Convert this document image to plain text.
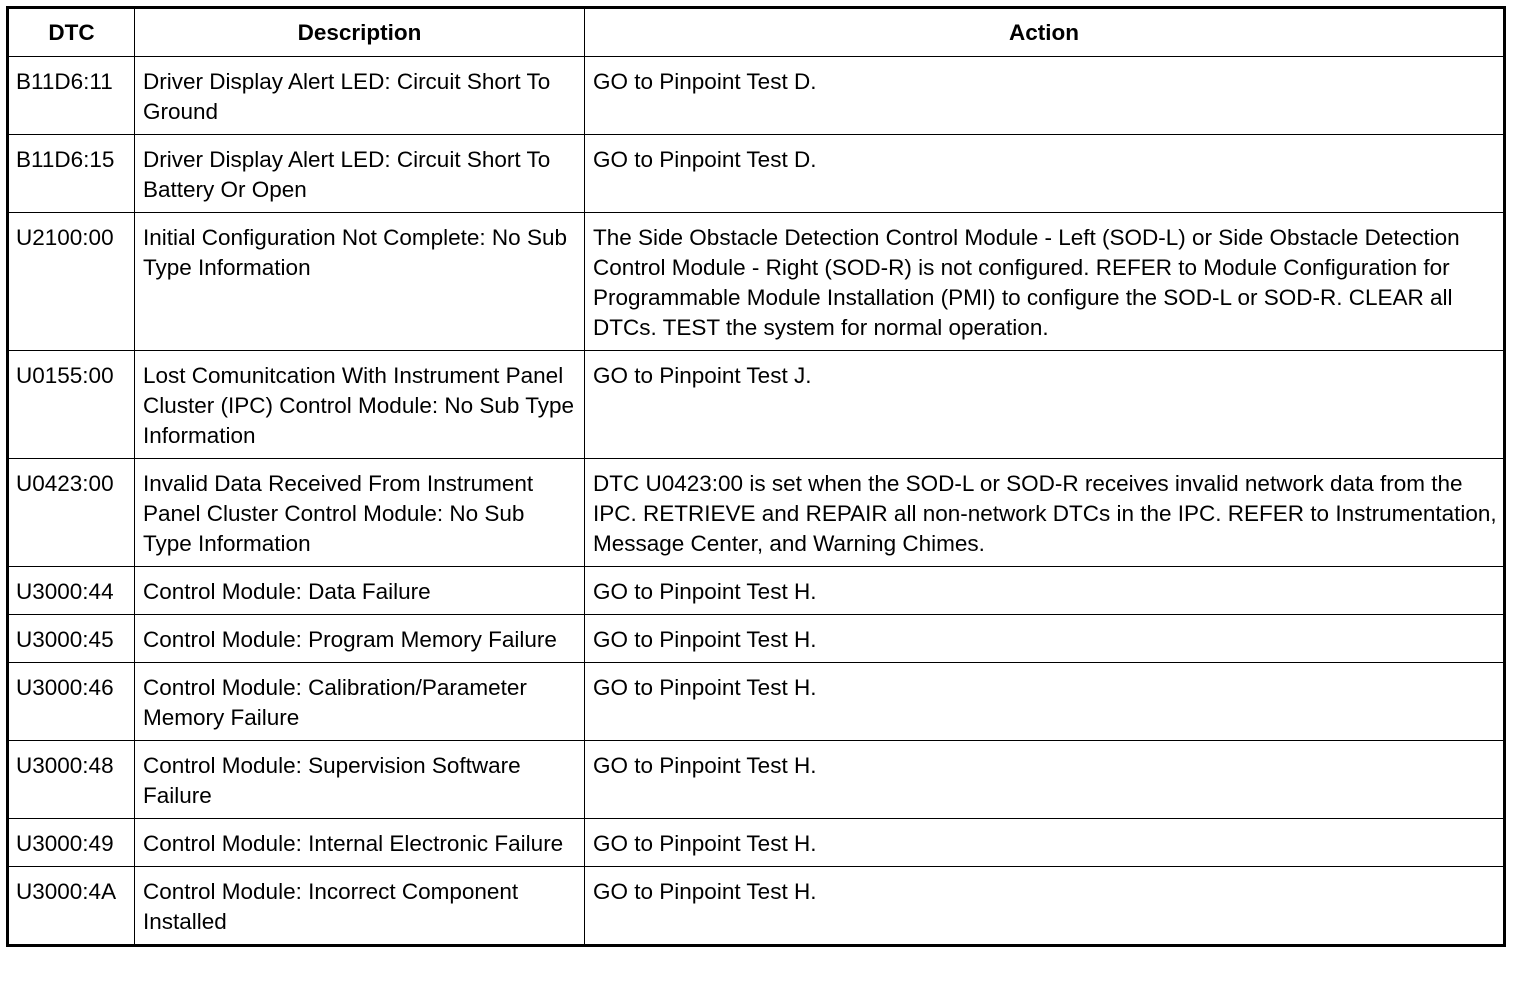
DTC	Description	Action
B11D6:11	Driver Display Alert LED: Circuit Short To Ground	GO to Pinpoint Test D.
B11D6:15	Driver Display Alert LED: Circuit Short To Battery Or Open	GO to Pinpoint Test D.
U2100:00	Initial Configuration Not Complete: No Sub Type Information	The Side Obstacle Detection Control Module - Left (SOD-L) or Side Obstacle Detection Control Module - Right (SOD-R) is not configured. REFER to Module Configuration for Programmable Module Installation (PMI) to configure the SOD-L or SOD-R. CLEAR all DTCs. TEST the system for normal operation.
U0155:00	Lost Comunitcation With Instrument Panel Cluster (IPC) Control Module: No Sub Type Information	GO to Pinpoint Test J.
U0423:00	Invalid Data Received From Instrument Panel Cluster Control Module: No Sub Type Information	DTC U0423:00 is set when the SOD-L or SOD-R receives invalid network data from the IPC. RETRIEVE and REPAIR all non-network DTCs in the IPC. REFER to Instrumentation, Message Center, and Warning Chimes.
U3000:44	Control Module: Data Failure	GO to Pinpoint Test H.
U3000:45	Control Module: Program Memory Failure	GO to Pinpoint Test H.
U3000:46	Control Module: Calibration/Parameter Memory Failure	GO to Pinpoint Test H.
U3000:48	Control Module: Supervision Software Failure	GO to Pinpoint Test H.
U3000:49	Control Module: Internal Electronic Failure	GO to Pinpoint Test H.
U3000:4A	Control Module: Incorrect Component Installed	GO to Pinpoint Test H.
